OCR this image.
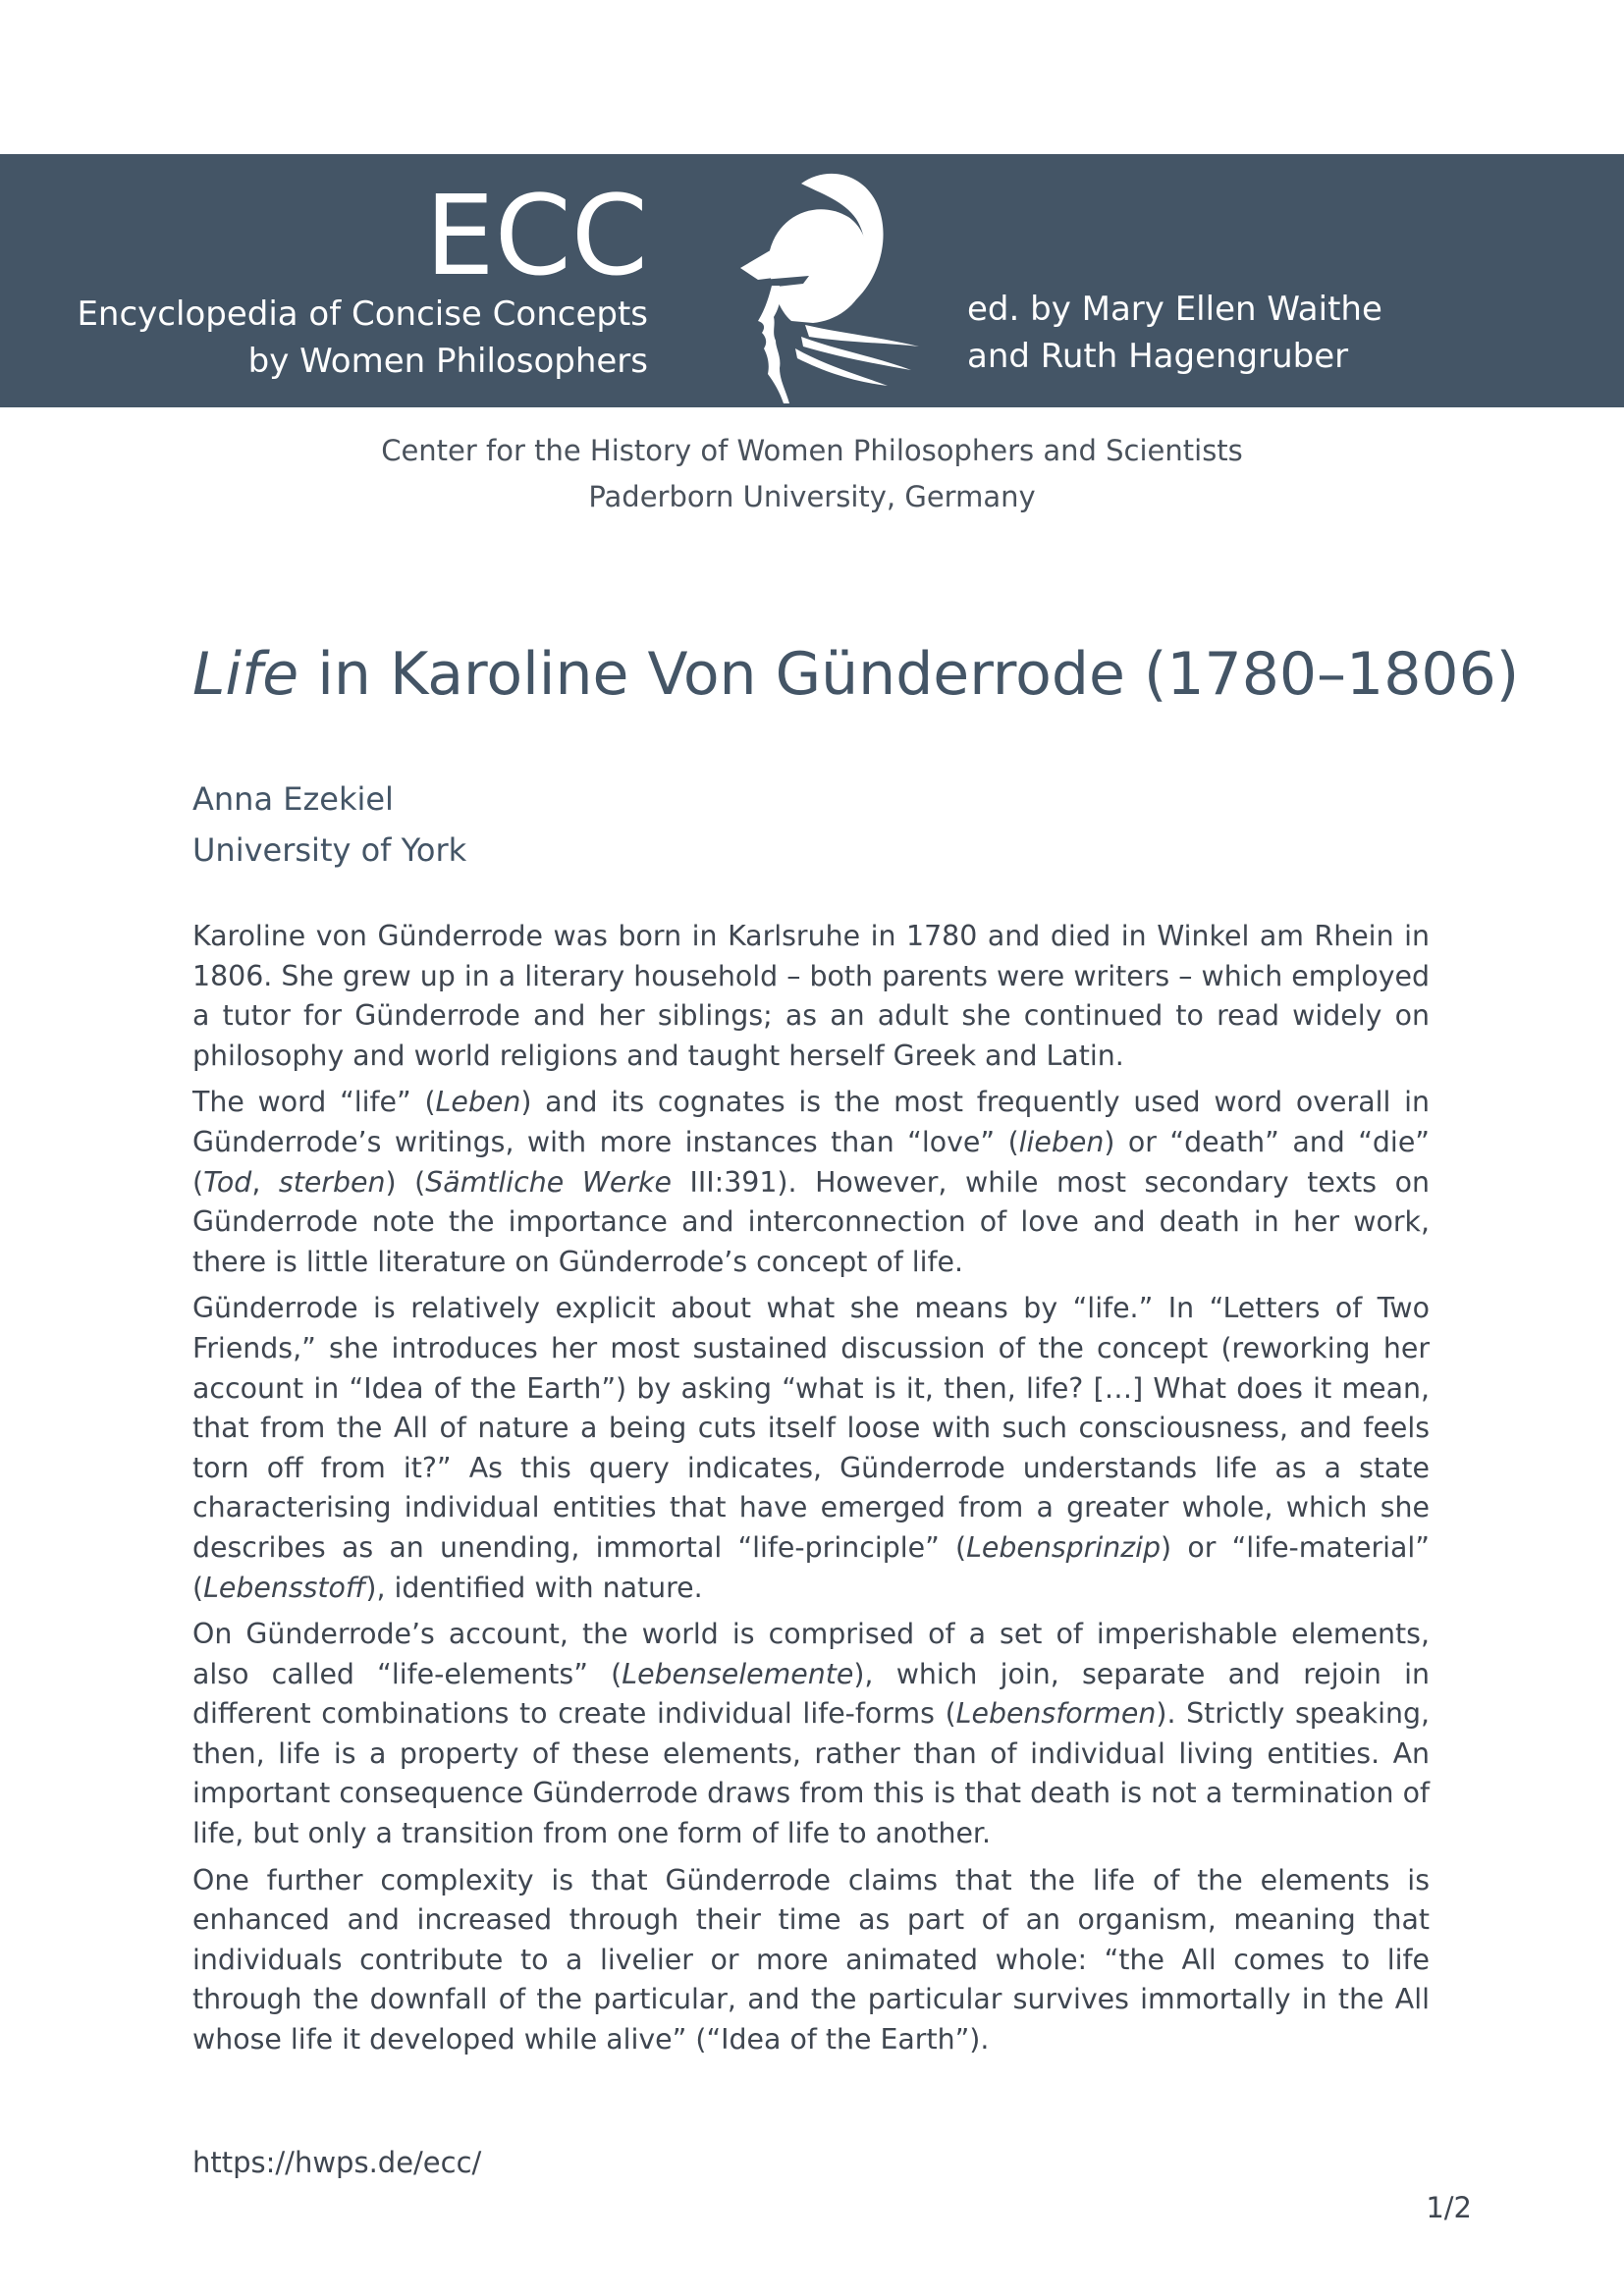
ECC
Encyclopedia of Concise Concepts
by Women Philosophers
ed. by Mary Ellen Waithe
and Ruth Hagengruber
Center for the History of Women Philosophers and Scientists
Paderborn University, Germany
Life in Karoline Von Günderrode (1780–1806)
Anna Ezekiel
University of York

Karoline von Günderrode was born in Karlsruhe in 1780 and died in Winkel am Rhein in 1806. She grew up in a literary household – both parents were writers – which employed a tutor for Günderrode and her siblings; as an adult she continued to read widely on philosophy and world religions and taught herself Greek and Latin.

The word “life” (Leben) and its cognates is the most frequently used word overall in Günderrode’s writings, with more instances than “love” (lieben) or “death” and “die” (Tod, sterben) (Sämtliche Werke III:391). However, while most secondary texts on Günderrode note the importance and interconnection of love and death in her work, there is little literature on Günderrode’s concept of life.

Günderrode is relatively explicit about what she means by “life.” In “Letters of Two Friends,” she introduces her most sustained discussion of the concept (reworking her account in “Idea of the Earth”) by asking “what is it, then, life? […] What does it mean, that from the All of nature a being cuts itself loose with such consciousness, and feels torn off from it?” As this query indicates, Günderrode understands life as a state characterising individual entities that have emerged from a greater whole, which she describes as an unending, immortal “life-principle” (Lebensprinzip) or “life-material” (Lebensstoff), identified with nature.

On Günderrode’s account, the world is comprised of a set of imperishable elements, also called “life-elements” (Lebenselemente), which join, separate and rejoin in different combinations to create individual life-forms (Lebensformen). Strictly speaking, then, life is a property of these elements, rather than of individual living entities. An important consequence Günderrode draws from this is that death is not a termination of life, but only a transition from one form of life to another.

One further complexity is that Günderrode claims that the life of the elements is enhanced and increased through their time as part of an organism, meaning that individuals contribute to a livelier or more animated whole: “the All comes to life through the downfall of the particular, and the particular survives immortally in the All whose life it developed while alive” (“Idea of the Earth”).

https://hwps.de/ecc/
1/2
